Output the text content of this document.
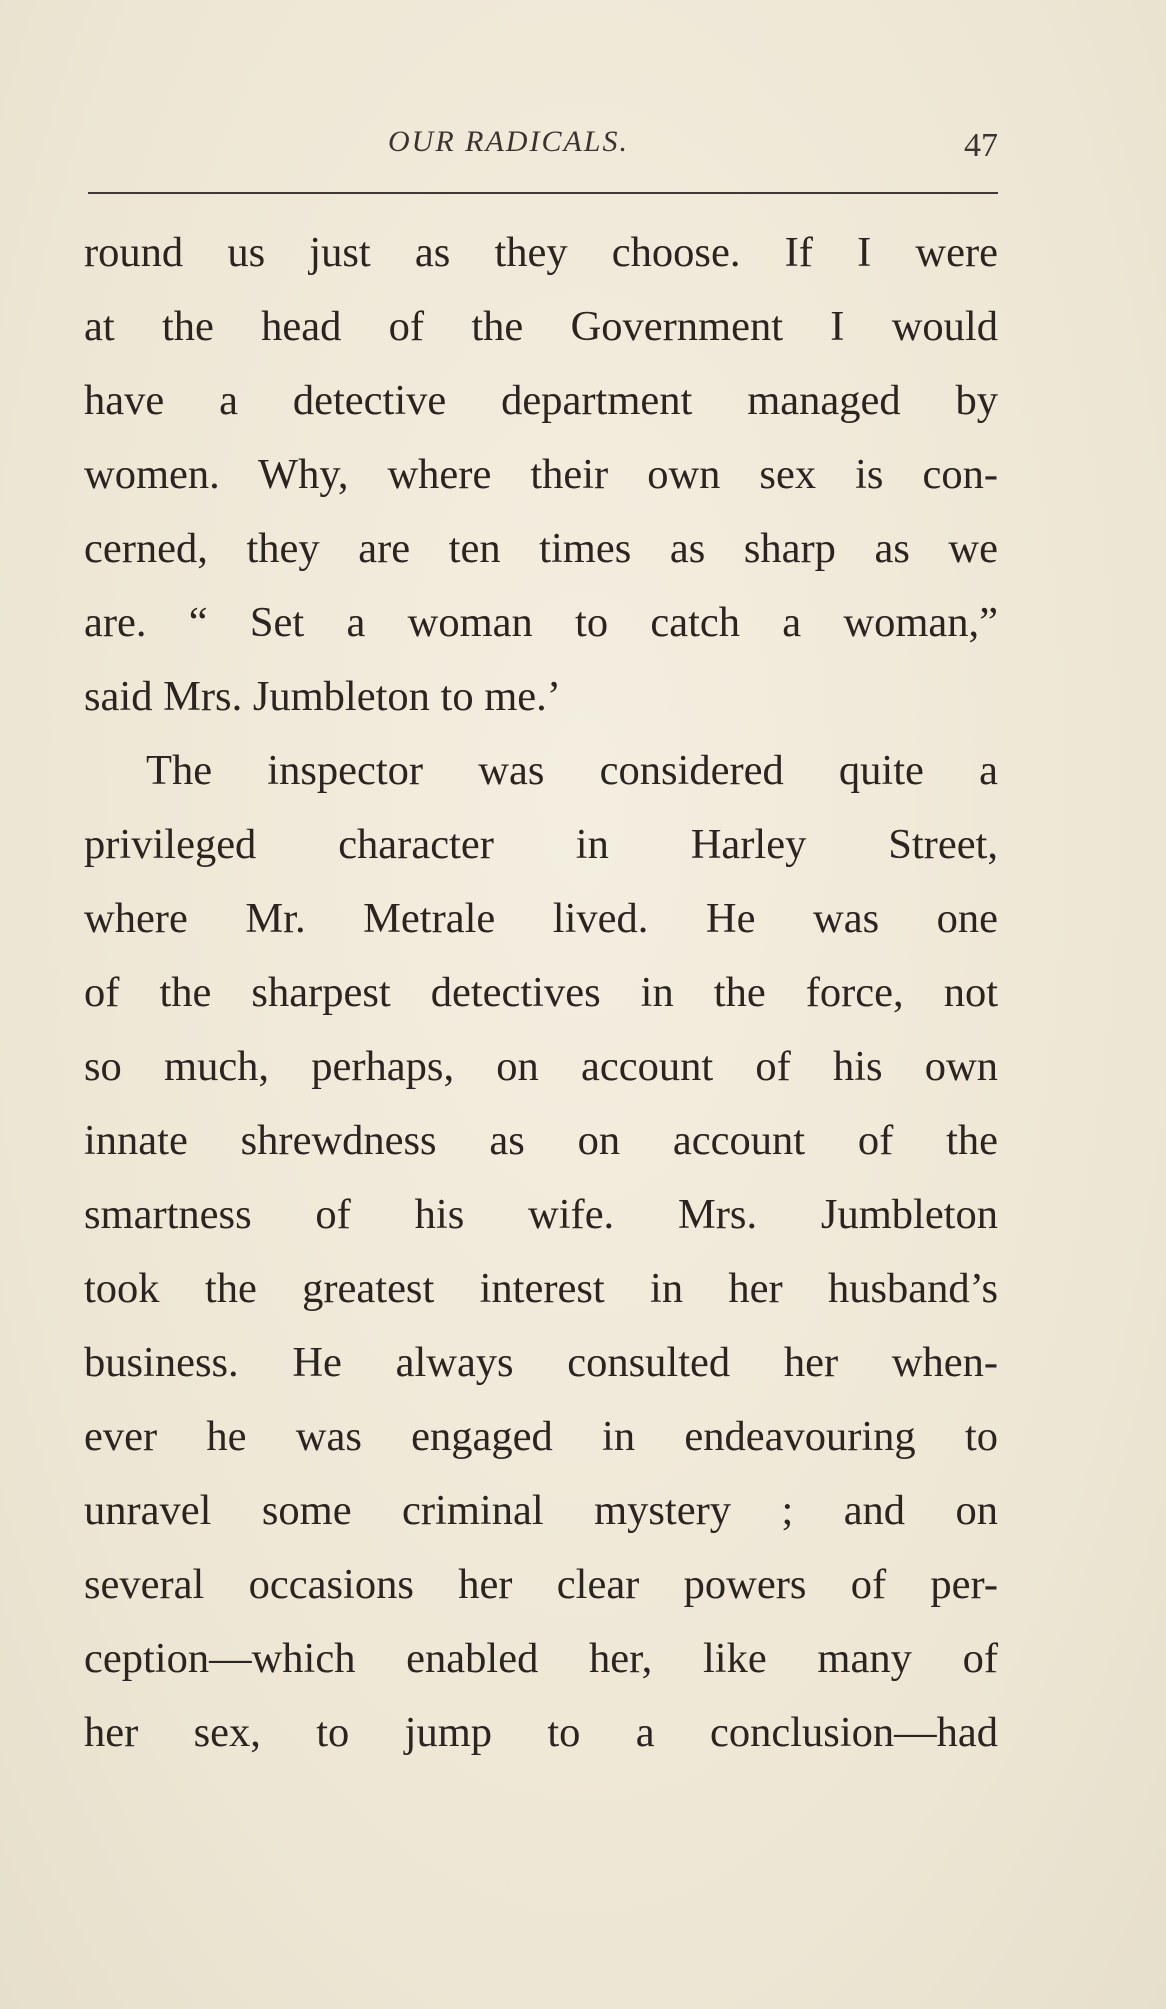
OUR RADICALS.	47
round us just as they choose. If I were
at the head of the Government I would
have a detective department managed by
women. Why, where their own sex is con-
cerned, they are ten times as sharp as we
are. “ Set a woman to catch a woman,”
said Mrs. Jumbleton to me.’
The inspector was considered quite a
privileged character in Harley Street,
where Mr. Metrale lived. He was one
of the sharpest detectives in the force, not
so much, perhaps, on account of his own
innate shrewdness as on account of the
smartness of his wife. Mrs. Jumbleton
took the greatest interest in her husband’s
business. He always consulted her when-
ever he was engaged in endeavouring to
unravel some criminal mystery ; and on
several occasions her clear powers of per-
ception—which enabled her, like many of
her sex, to jump to a conclusion—had
